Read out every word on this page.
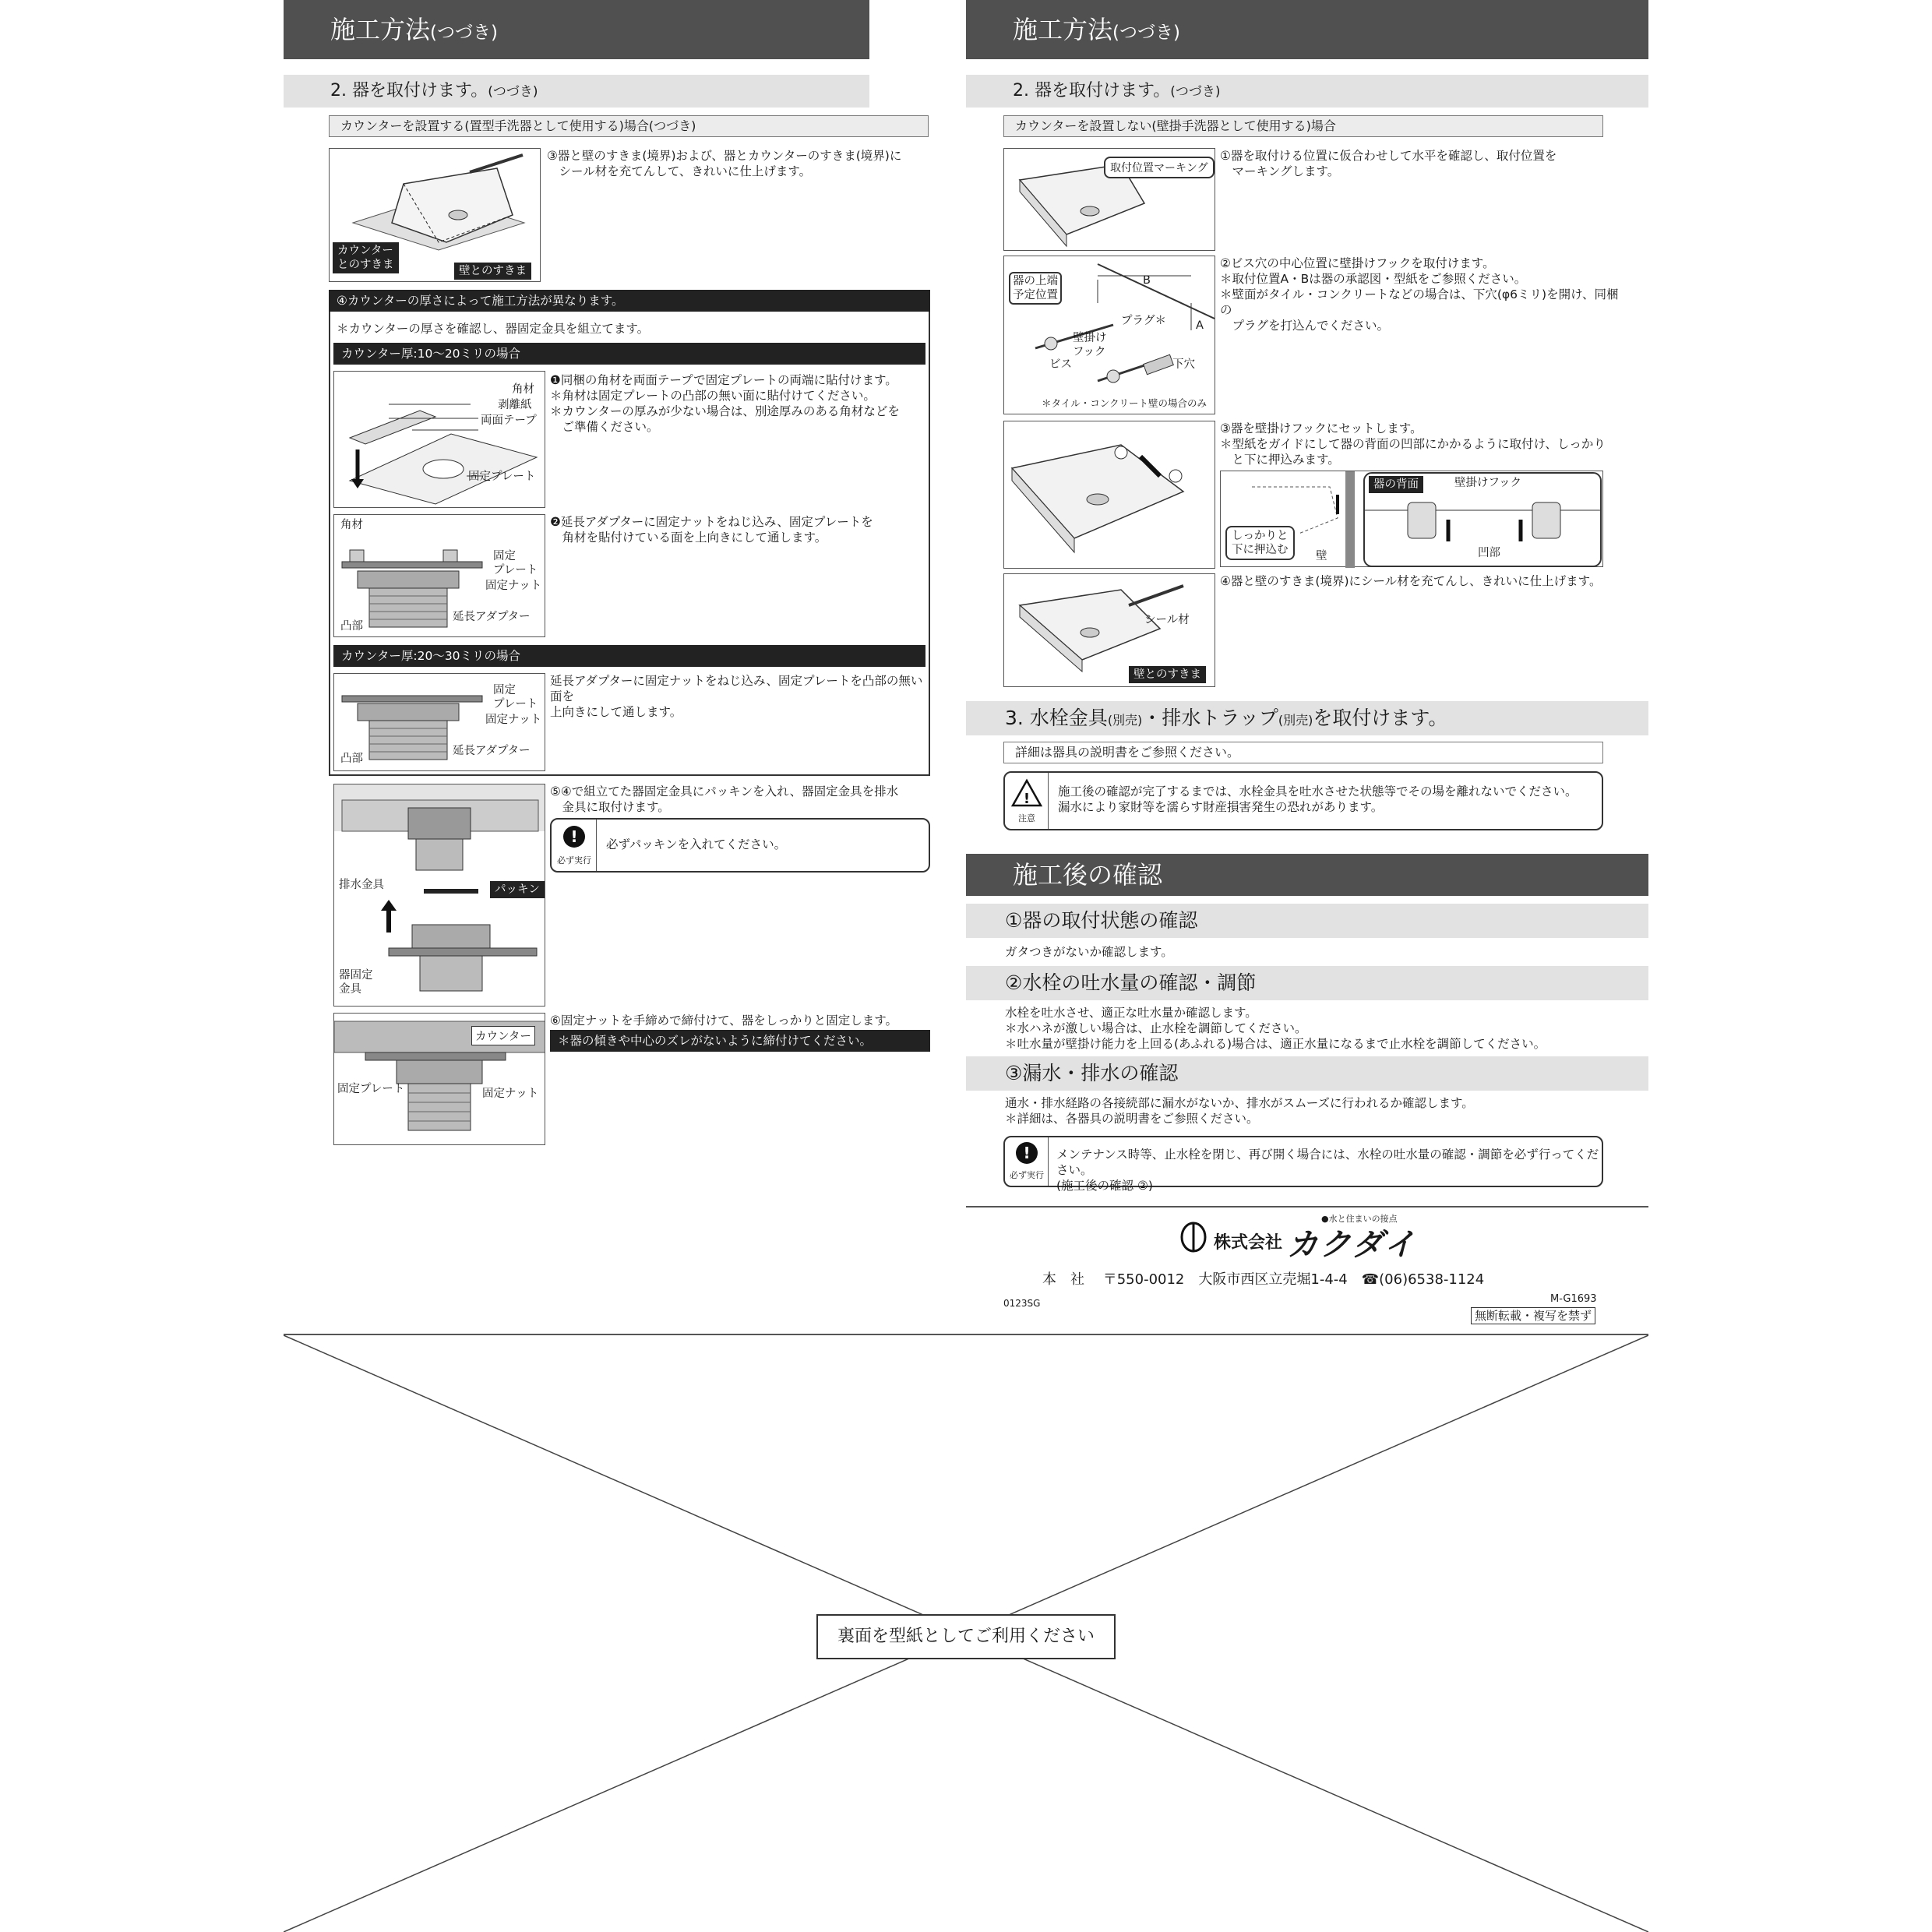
施工方法(つづき)
2. 器を取付けます。(つづき)
カウンターを設置する(置型手洗器として使用する)場合(つづき)
カウンター
とのすきま	壁とのすきま
③器と壁のすきま(境界)および、器とカウンターのすきま(境界)に
　シール材を充てんして、きれいに仕上げます。
④カウンターの厚さによって施工方法が異なります。
＊カウンターの厚さを確認し、器固定金具を組立てます。
カウンター厚:10〜20ミリの場合
角材
剥離紙
両面テープ
固定プレート
❶同梱の角材を両面テープで固定プレートの両端に貼付けます。
＊角材は固定プレートの凸部の無い面に貼付けてください。
＊カウンターの厚みが少ない場合は、別途厚みのある角材などを
　ご準備ください。
角材
固定
プレート
固定ナット
凸部
延長アダプター
❷延長アダプターに固定ナットをねじ込み、固定プレートを
　角材を貼付けている面を上向きにして通します。
カウンター厚:20〜30ミリの場合
固定
プレート
固定ナット
凸部
延長アダプター
延長アダプターに固定ナットをねじ込み、固定プレートを凸部の無い面を
上向きにして通します。
排水金具	パッキン
器固定
金具
⑤④で組立てた器固定金具にパッキンを入れ、器固定金具を排水
　金具に取付けます。
!
必ず実行
必ずパッキンを入れてください。
カウンター
固定プレート	固定ナット
⑥固定ナットを手締めで締付けて、器をしっかりと固定します。
＊器の傾きや中心のズレがないように締付けてください。
施工方法(つづき)
2. 器を取付けます。(つづき)
カウンターを設置しない(壁掛手洗器として使用する)場合
取付位置マーキング
①器を取付ける位置に仮合わせして水平を確認し、取付位置を
　マーキングします。
器の上端
予定位置
B
A
プラグ＊
壁掛け
フック
ビス	下穴
＊タイル・コンクリート壁の場合のみ
②ビス穴の中心位置に壁掛けフックを取付けます。
＊取付位置A・Bは器の承認図・型紙をご参照ください。
＊壁面がタイル・コンクリートなどの場合は、下穴(φ6ミリ)を開け、同梱の
　プラグを打込んでください。
③器を壁掛けフックにセットします。
＊型紙をガイドにして器の背面の凹部にかかるように取付け、しっかり
　と下に押込みます。
器の背面	壁掛けフック
凹部
しっかりと
下に押込む	壁
シール材
壁とのすきま
④器と壁のすきま(境界)にシール材を充てんし、きれいに仕上げます。
3. 水栓金具(別売)・排水トラップ(別売)を取付けます。
詳細は器具の説明書をご参照ください。
!
注意
施工後の確認が完了するまでは、水栓金具を吐水させた状態等でその場を離れないでください。
漏水により家財等を濡らす財産損害発生の恐れがあります。
施工後の確認
①器の取付状態の確認
ガタつきがないか確認します。
②水栓の吐水量の確認・調節
水栓を吐水させ、適正な吐水量か確認します。
＊水ハネが激しい場合は、止水栓を調節してください。
＊吐水量が壁掛け能力を上回る(あふれる)場合は、適正水量になるまで止水栓を調節してください。
③漏水・排水の確認
通水・排水経路の各接続部に漏水がないか、排水がスムーズに行われるか確認します。
＊詳細は、各器具の説明書をご参照ください。
!
必ず実行
メンテナンス時等、止水栓を閉じ、再び開く場合には、水栓の吐水量の確認・調節を必ず行ってください。
(施工後の確認 ②)
●水と住まいの接点
株式会社 カクダイ
本　社　 〒550-0012　大阪市西区立売堀1-4-4　☎(06)6538-1124
0123SG	M-G1693
無断転載・複写を禁ず
裏面を型紙としてご利用ください
